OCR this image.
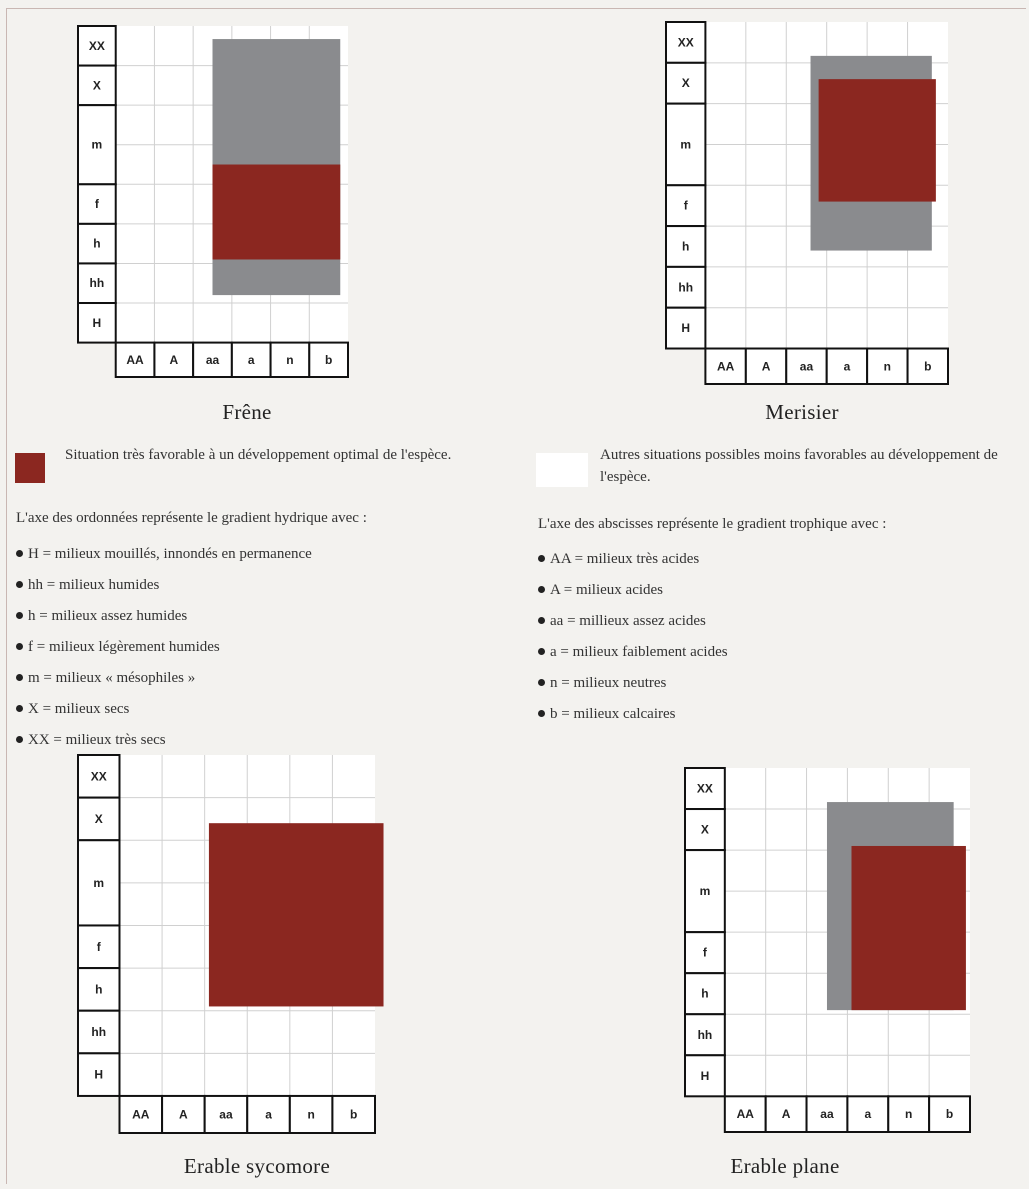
XX
X
m
f
h
hh
H
AA A aa a	n	b
Frêne
XX
X
m
f
h
hh
H
AA A aa	a	n	b
Merisier
Situation très favorable à un développement optimal de l'espèce.	Autres situations possibles moins favorables au développement de l'espèce.
L'axe des ordonnées représente le gradient hydrique avec :
H = milieux mouillés, innondés en permanence
hh = milieux humides
h = milieux assez humides
f = milieux légèrement humides
m = milieux « mésophiles »
X = milieux secs
XX = milieux très secs
L'axe des abscisses représente le gradient trophique avec :
AA = milieux très acides
A = milieux acides
aa = millieux assez acides
a = milieux faiblement acides
n = milieux neutres
b = milieux calcaires
XX
X
m
f
h
hh
H
AA A	aa	a	n	b
Erable sycomore
XX
X
m
f
h
hh
H
AA A aa	a	n	b
Erable plane
